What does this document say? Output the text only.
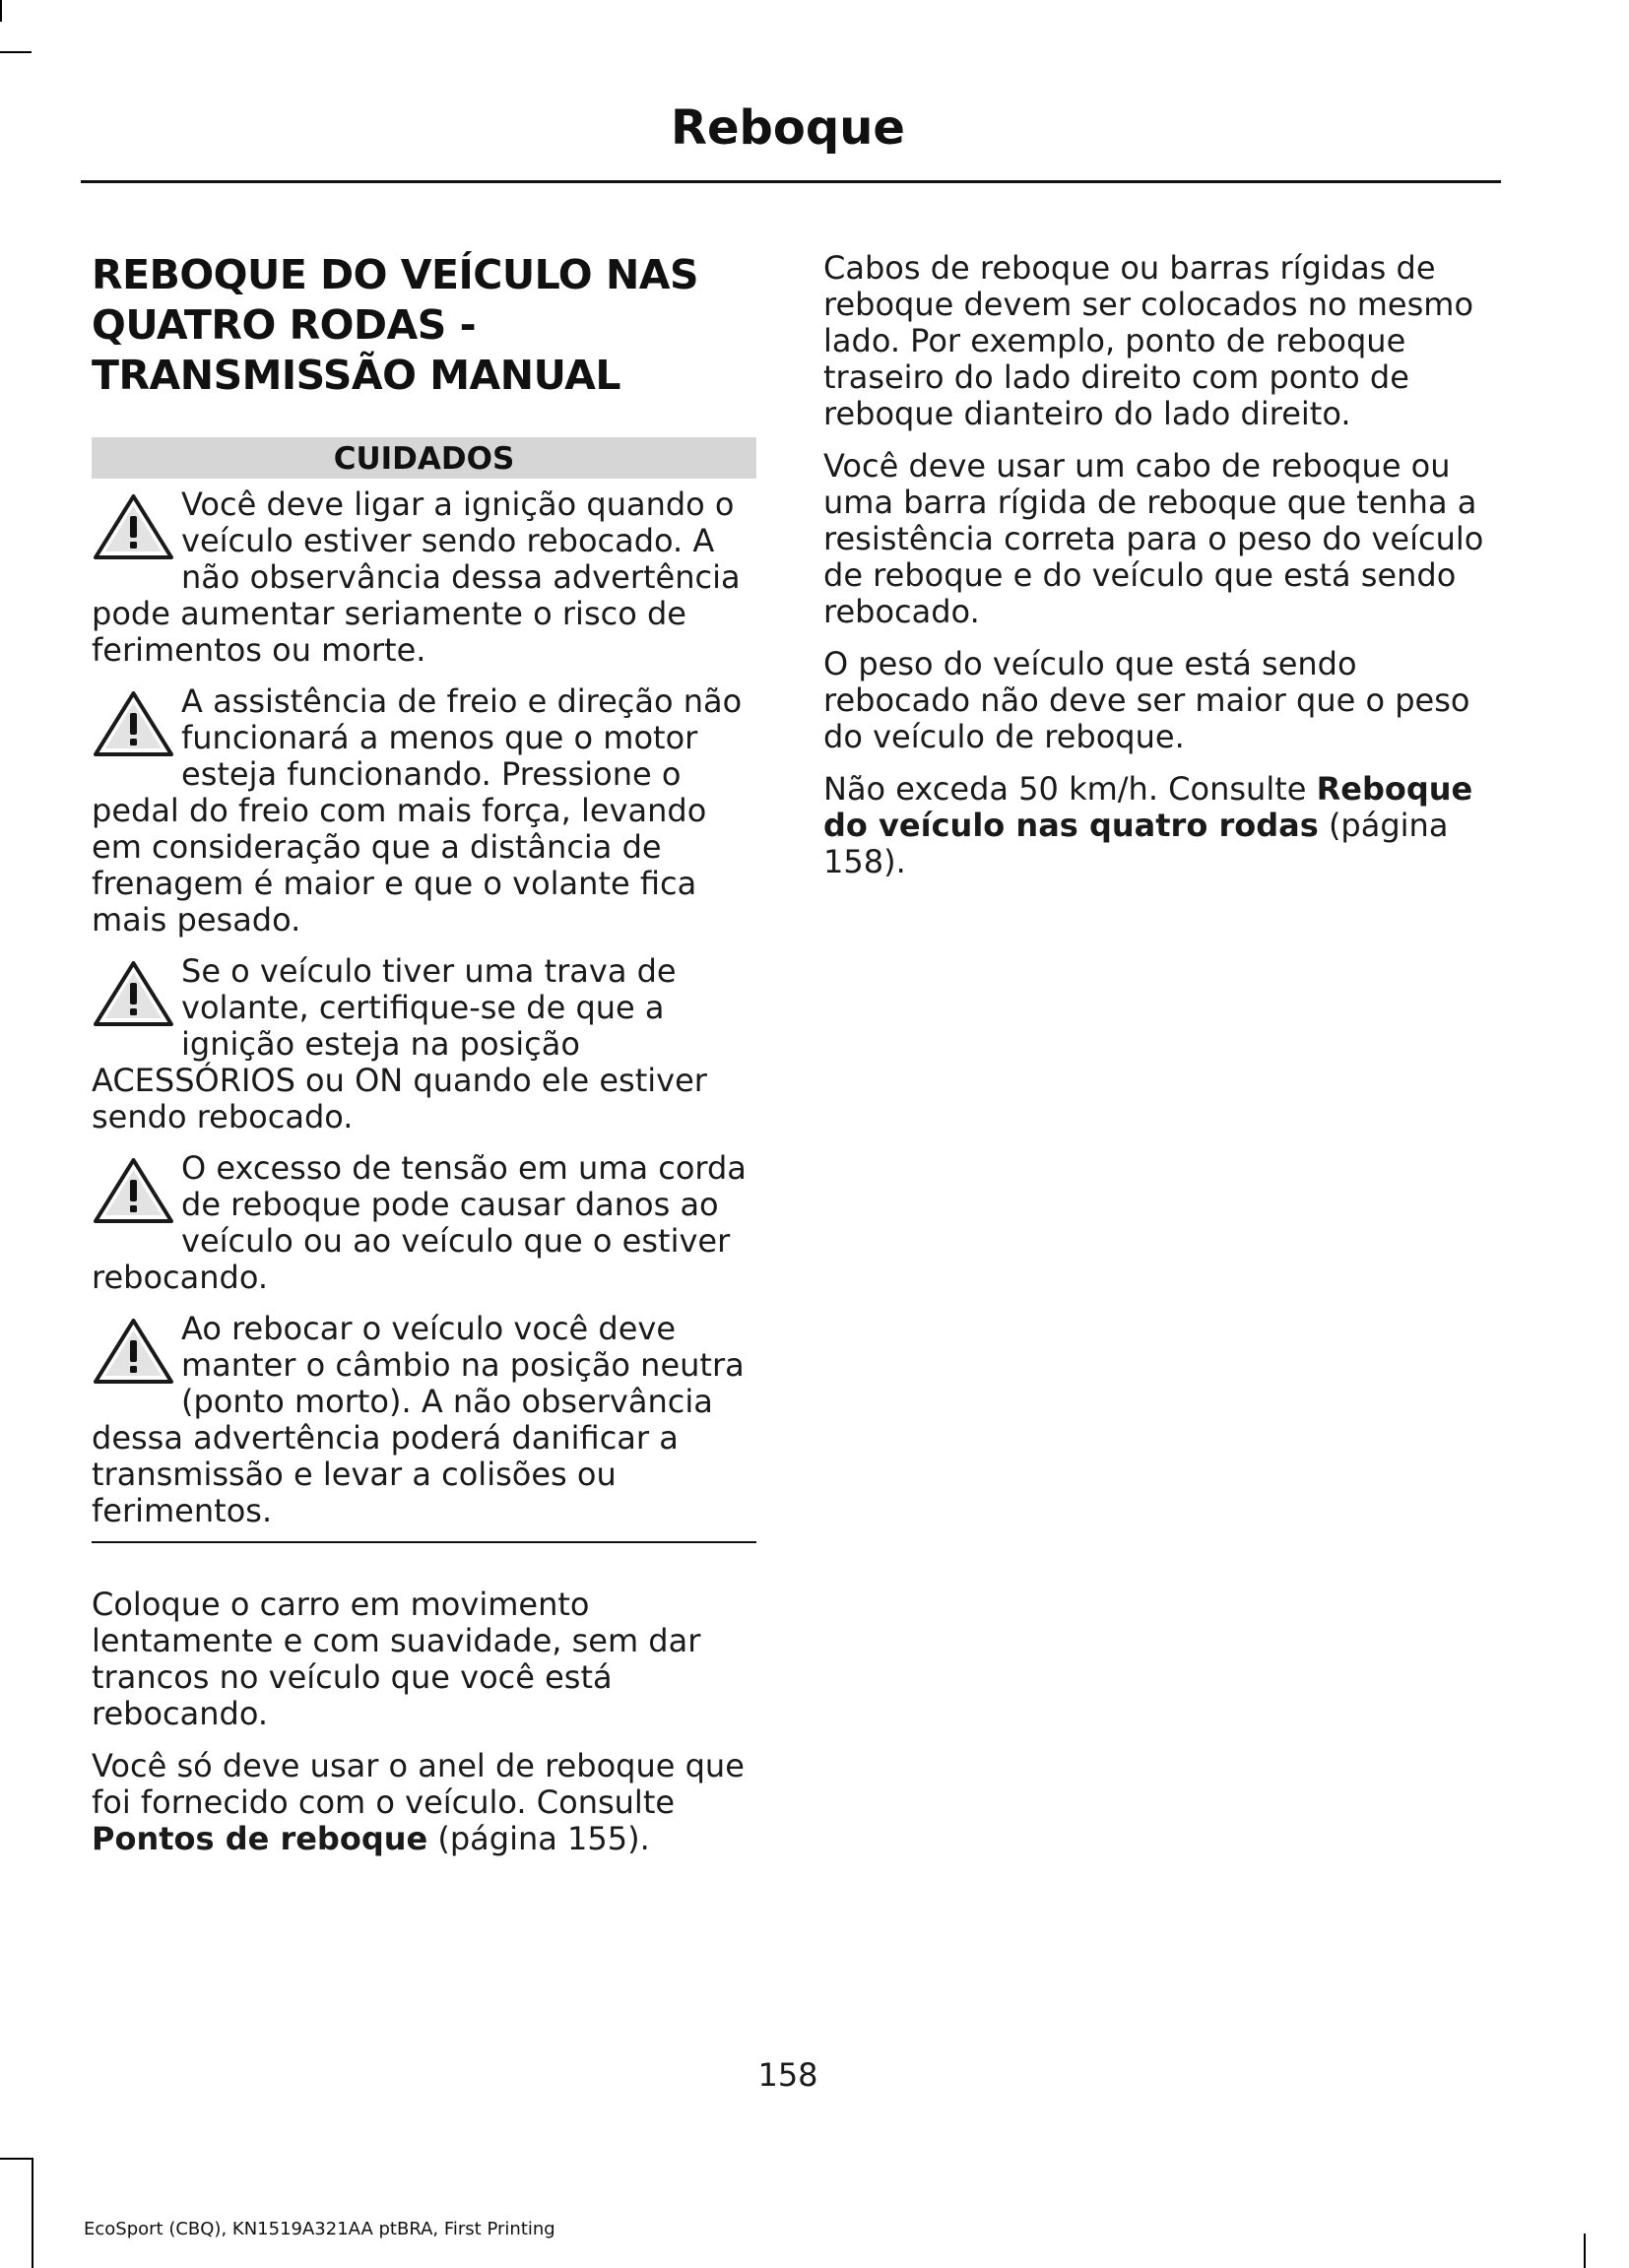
Reboque
REBOQUE DO VEÍCULO NAS
QUATRO RODAS -
TRANSMISSÃO MANUAL
CUIDADOS
Você deve ligar a ignição quando o veículo estiver sendo rebocado. A não observância dessa advertência pode aumentar seriamente o risco de ferimentos ou morte.
A assistência de freio e direção não funcionará a menos que o motor esteja funcionando. Pressione o pedal do freio com mais força, levando em consideração que a distância de frenagem é maior e que o volante fica mais pesado.
Se o veículo tiver uma trava de volante, certifique-se de que a ignição esteja na posição ACESSÓRIOS ou ON quando ele estiver sendo rebocado.
O excesso de tensão em uma corda de reboque pode causar danos ao veículo ou ao veículo que o estiver rebocando.
Ao rebocar o veículo você deve manter o câmbio na posição neutra (ponto morto). A não observância dessa advertência poderá danificar a transmissão e levar a colisões ou ferimentos.

Coloque o carro em movimento lentamente e com suavidade, sem dar trancos no veículo que você está rebocando.

Você só deve usar o anel de reboque que foi fornecido com o veículo. Consulte Pontos de reboque (página 155).

Cabos de reboque ou barras rígidas de reboque devem ser colocados no mesmo lado. Por exemplo, ponto de reboque traseiro do lado direito com ponto de reboque dianteiro do lado direito.

Você deve usar um cabo de reboque ou uma barra rígida de reboque que tenha a resistência correta para o peso do veículo de reboque e do veículo que está sendo rebocado.

O peso do veículo que está sendo rebocado não deve ser maior que o peso do veículo de reboque.

Não exceda 50 km/h. Consulte Reboque do veículo nas quatro rodas (página 158).

158
EcoSport (CBQ), KN1519A321AA ptBRA, First Printing
